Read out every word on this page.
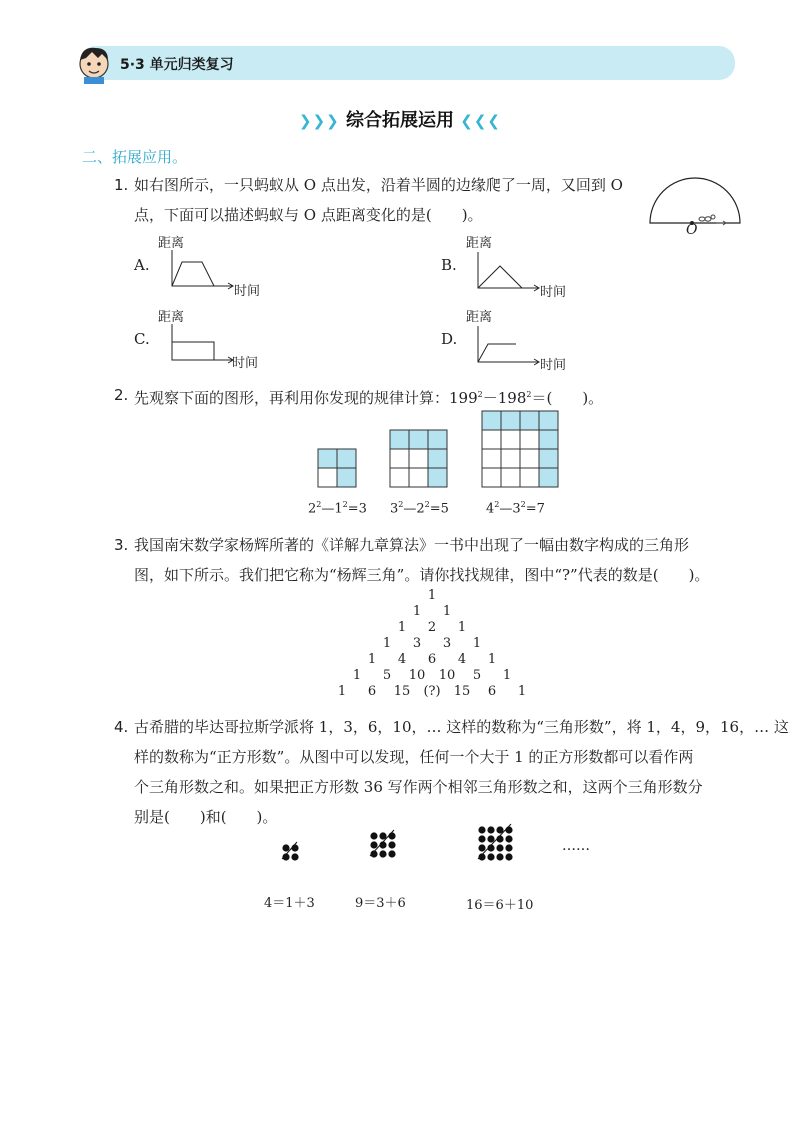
5·3 单元归类复习
❯❯❯ 综合拓展运用 ❮❮❮
二、拓展应用。
1. 如右图所示，一只蚂蚁从 O 点出发，沿着半圆的边缘爬了一周，又回到 O
点，下面可以描述蚂蚁与 O 点距离变化的是(　　)。
O
A.
距离
时间
B.
距离
时间
C.
距离
时间
D.
距离
时间
2. 先观察下面的图形，再利用你发现的规律计算：$199^2-198^2=$(　　)。
$2^2—1^2=3$ $3^2—2^2=5$	$4^2—3^2=7$
3. 我国南宋数学家杨辉所著的《详解九章算法》一书中出现了一幅由数字构成的三角形
图，如下所示。我们把它称为“杨辉三角”。请你找找规律，图中“?”代表的数是(　　)。
1
1	1
1	2	1
1	3	3	1
1	4	6	4	1
1	5	10	10	5	1
1	6	15	(?)	15	6	1
4. 古希腊的毕达哥拉斯学派将 1，3，6，10，… 这样的数称为“三角形数”，将 1，4，9，16，… 这
样的数称为“正方形数”。从图中可以发现，任何一个大于 1 的正方形数都可以看作两
个三角形数之和。如果把正方形数 36 写作两个相邻三角形数之和，这两个三角形数分
别是(　　)和(　　)。
……
4＝1＋3	9＝3＋6	16＝6＋10
